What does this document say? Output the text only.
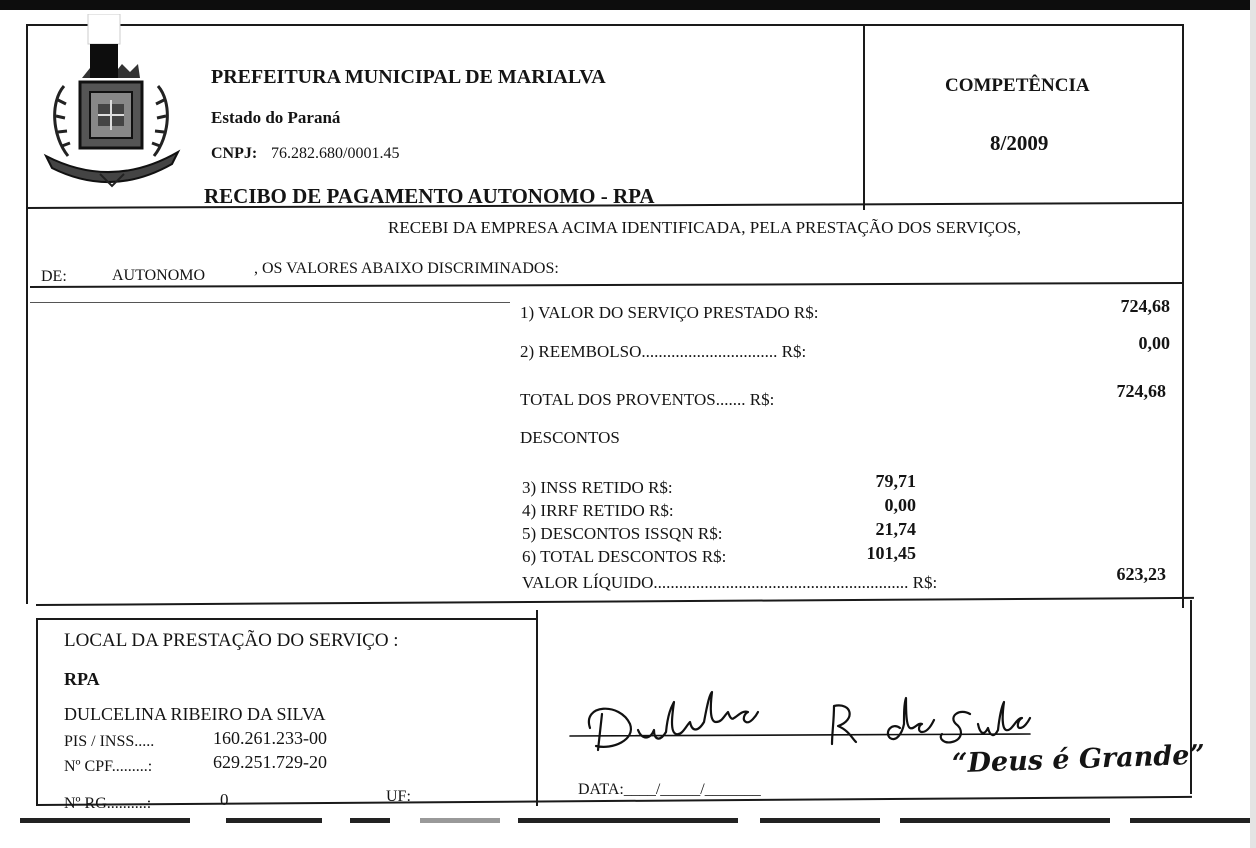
MARIALVA
PREFEITURA MUNICIPAL DE MARIALVA
Estado do Paraná
CNPJ: 76.282.680/0001.45
RECIBO DE PAGAMENTO AUTONOMO - RPA
COMPETÊNCIA
8/2009
RECEBI DA EMPRESA ACIMA IDENTIFICADA, PELA PRESTAÇÃO DOS SERVIÇOS,
DE:	AUTONOMO	, OS VALORES ABAIXO DISCRIMINADOS:
1) VALOR DO SERVIÇO PRESTADO R$:	724,68
2) REEMBOLSO................................ R$:	0,00
TOTAL DOS PROVENTOS....... R$:	724,68
DESCONTOS
3) INSS RETIDO R$:	79,71
4) IRRF RETIDO R$:	0,00
5) DESCONTOS ISSQN R$:	21,74
6) TOTAL DESCONTOS R$:	101,45
VALOR LÍQUIDO............................................................ R$:	623,23
LOCAL DA PRESTAÇÃO DO SERVIÇO :
RPA
DULCELINA RIBEIRO DA SILVA
PIS / INSS.....	160.261.233-00
Nº CPF.........:	629.251.729-20
Nº RG..........:	0	UF:
“Deus é Grande”
DATA:____/_____/_______
